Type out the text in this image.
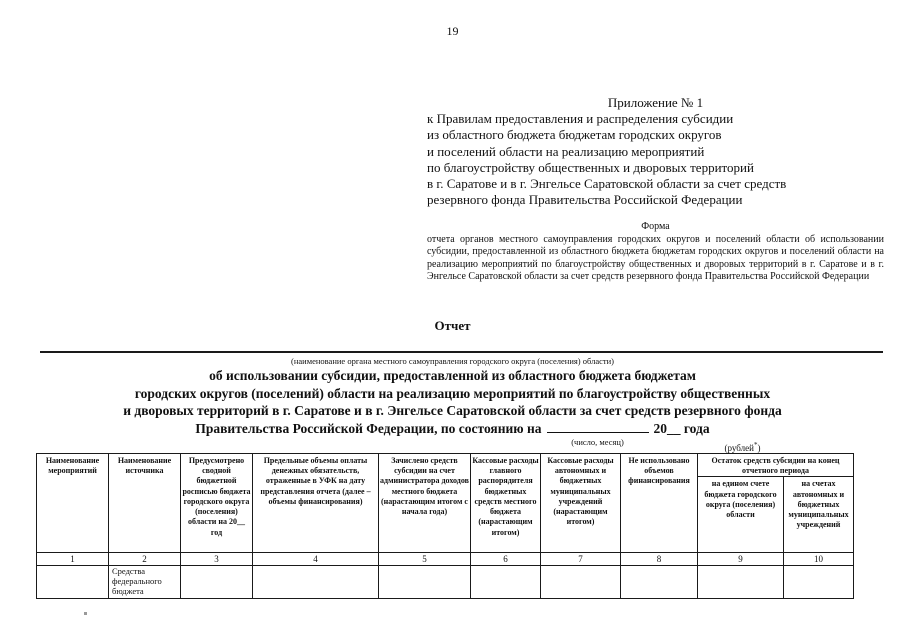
19
Приложение № 1
к Правилам предоставления и распределения субсидии
из областного бюджета бюджетам городских округов
и поселений области на реализацию мероприятий
по благоустройству общественных и дворовых территорий
в г. Саратове и в г. Энгельсе Саратовской области за счет средств
резервного фонда Правительства Российской Федерации
Форма
отчета органов местного самоуправления городских округов и поселений области об использовании субсидии, предоставленной из областного бюджета бюджетам городских округов и поселений области на реализацию мероприятий по благоустройству общественных и дворовых территорий в г. Саратове и в г. Энгельсе Саратовской области за счет средств резервного фонда Правительства Российской Федерации
Отчет
(наименование органа местного самоуправления городского округа (поселения) области)
об использовании субсидии, предоставленной из областного бюджета бюджетам
городских округов (поселений) области на реализацию мероприятий по благоустройству общественных
и дворовых территорий в г. Саратове и в г. Энгельсе Саратовской области за счет средств резервного фонда
Правительства Российской Федерации, по состоянию на
(число, месяц)
20__ года
(рублей*)
Наименование мероприятий	Наименование источника	Предусмотрено сводной бюджетной росписью бюджета городского округа (поселения) области на 20__ год	Предельные объемы оплаты денежных обязательств, отраженные в УФК на дату представления отчета (далее – объемы финансирования)	Зачислено средств субсидии на счет администратора доходов местного бюджета (нарастающим итогом с начала года)	Кассовые расходы главного распорядителя бюджетных средств местного бюджета (нарастающим итогом)	Кассовые расходы автономных и бюджетных муниципальных учреждений (нарастающим итогом)	Не использовано объемов финансирования	Остаток средств субсидии на конец отчетного периода	
								на едином счете бюджета городского округа (поселения) области	на счетах автономных и бюджетных муниципальных учреждений
1	2	3	4	5	6	7	8	9	10
	Средства федерального бюджета								
